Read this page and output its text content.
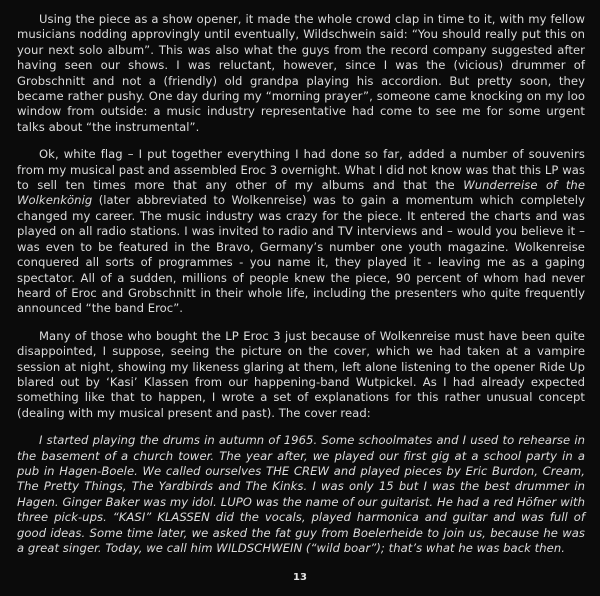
Using the piece as a show opener, it made the whole crowd clap in time to it, with my fellow musicians nodding approvingly until eventually, Wildschwein said: “You should really put this on your next solo album”. This was also what the guys from the record company suggested after having seen our shows. I was reluctant, however, since I was the (vicious) drummer of Grobschnitt and not a (friendly) old grandpa playing his accordion. But pretty soon, they became rather pushy. One day during my “morning prayer”, someone came knocking on my loo window from outside: a music industry representative had come to see me for some urgent talks about “the instrumental”.

Ok, white flag – I put together everything I had done so far, added a number of souvenirs from my musical past and assembled Eroc 3 overnight. What I did not know was that this LP was to sell ten times more that any other of my albums and that the Wunderreise of the Wolkenkönig (later abbreviated to Wolkenreise) was to gain a momentum which completely changed my career. The music industry was crazy for the piece. It entered the charts and was played on all radio stations. I was invited to radio and TV interviews and – would you believe it – was even to be featured in the Bravo, Germany’s number one youth magazine. Wolkenreise conquered all sorts of programmes - you name it, they played it - leaving me as a gaping spectator. All of a sudden, millions of people knew the piece, 90 percent of whom had never heard of Eroc and Grobschnitt in their whole life, including the presenters who quite frequently announced “the band Eroc”.

Many of those who bought the LP Eroc 3 just because of Wolkenreise must have been quite disappointed, I suppose, seeing the picture on the cover, which we had taken at a vampire session at night, showing my likeness glaring at them, left alone listening to the opener Ride Up blared out by ‘Kasi’ Klassen from our happening-band Wutpickel. As I had already expected something like that to happen, I wrote a set of explanations for this rather unusual concept (dealing with my musical present and past). The cover read:

I started playing the drums in autumn of 1965. Some schoolmates and I used to rehearse in the basement of a church tower. The year after, we played our first gig at a school party in a pub in Hagen-Boele. We called ourselves THE CREW and played pieces by Eric Burdon, Cream, The Pretty Things, The Yardbirds and The Kinks. I was only 15 but I was the best drummer in Hagen. Ginger Baker was my idol. LUPO was the name of our guitarist. He had a red Höfner with three pick-ups. “KASI” KLASSEN did the vocals, played harmonica and guitar and was full of good ideas. Some time later, we asked the fat guy from Boelerheide to join us, because he was a great singer. Today, we call him WILDSCHWEIN (“wild boar”); that’s what he was back then.

13
